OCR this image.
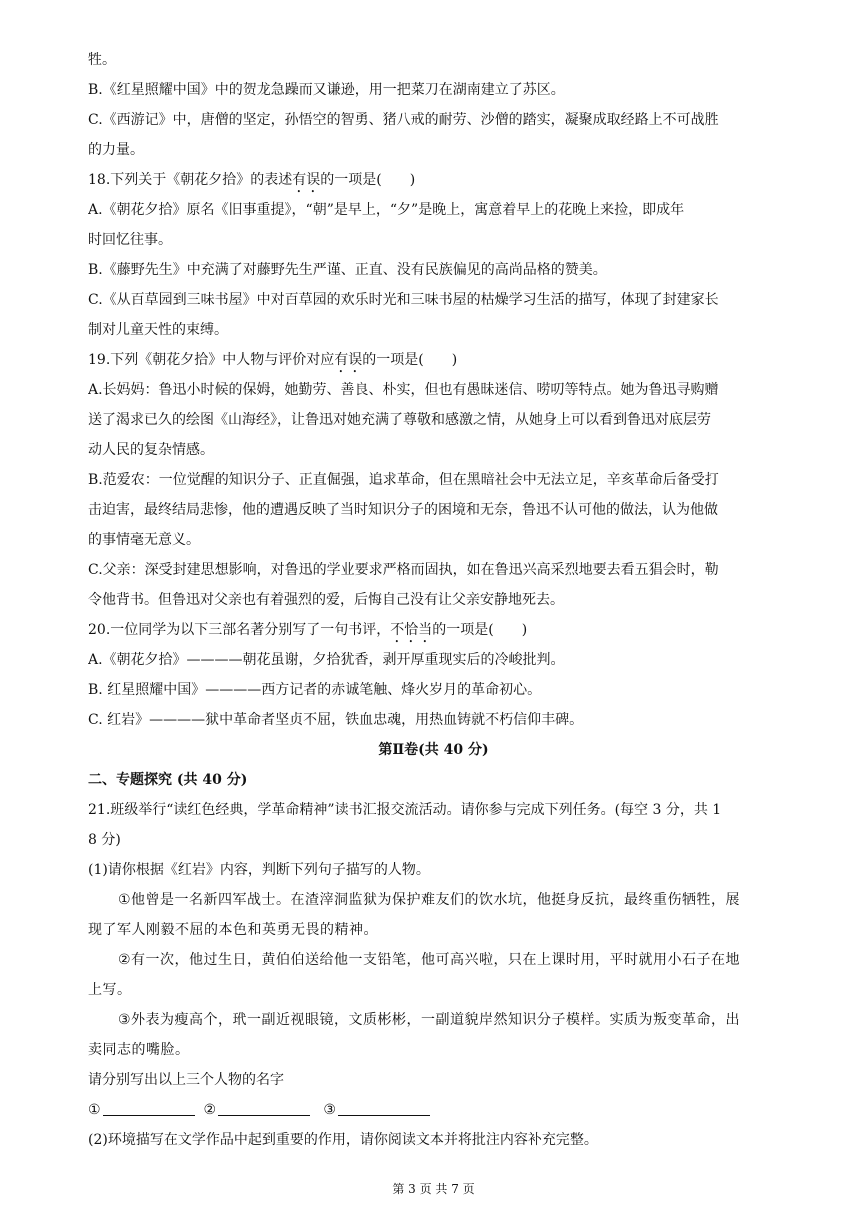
牲。
B.《红星照耀中国》中的贺龙急躁而又谦逊，用一把菜刀在湖南建立了苏区。
C.《西游记》中，唐僧的坚定，孙悟空的智勇、猪八戒的耐劳、沙僧的踏实，凝聚成取经路上不可战胜
的力量。
18.下列关于《朝花夕拾》的表述有误的一项是(　　)
A.《朝花夕拾》原名《旧事重提》，“朝”是早上，“夕”是晚上，寓意着早上的花晚上来捡，即成年
时回忆往事。
B.《藤野先生》中充满了对藤野先生严谨、正直、没有民族偏见的高尚品格的赞美。
C.《从百草园到三味书屋》中对百草园的欢乐时光和三味书屋的枯燥学习生活的描写，体现了封建家长
制对儿童天性的束缚。
19.下列《朝花夕拾》中人物与评价对应有误的一项是(　　)
A.长妈妈：鲁迅小时候的保姆，她勤劳、善良、朴实，但也有愚昧迷信、唠叨等特点。她为鲁迅寻购赠
送了渴求已久的绘图《山海经》，让鲁迅对她充满了尊敬和感激之情，从她身上可以看到鲁迅对底层劳
动人民的复杂情感。
B.范爱农：一位觉醒的知识分子、正直倔强，追求革命，但在黑暗社会中无法立足，辛亥革命后备受打
击迫害，最终结局悲惨，他的遭遇反映了当时知识分子的困境和无奈，鲁迅不认可他的做法，认为他做
的事情毫无意义。
C.父亲：深受封建思想影响，对鲁迅的学业要求严格而固执，如在鲁迅兴高采烈地要去看五猖会时，勒
令他背书。但鲁迅对父亲也有着强烈的爱，后悔自己没有让父亲安静地死去。
20.一位同学为以下三部名著分别写了一句书评，不恰当的一项是(　　)
A.《朝花夕拾》————朝花虽谢，夕拾犹香，剥开厚重现实后的冷峻批判。
B. 红星照耀中国》————西方记者的赤诚笔触、烽火岁月的革命初心。
C. 红岩》————狱中革命者坚贞不屈，铁血忠魂，用热血铸就不朽信仰丰碑。
第Ⅱ卷(共 40 分)
二、专题探究 (共 40 分)
21.班级举行“读红色经典，学革命精神”读书汇报交流活动。请你参与完成下列任务。(每空 3 分，共 1
8 分)
(1)请你根据《红岩》内容，判断下列句子描写的人物。
①他曾是一名新四军战士。在渣滓洞监狱为保护难友们的饮水坑，他挺身反抗，最终重伤牺牲，展
现了军人刚毅不屈的本色和英勇无畏的精神。
②有一次，他过生日，黄伯伯送给他一支铅笔，他可高兴啦，只在上课时用，平时就用小石子在地
上写。
③外表为瘦高个，玳一副近视眼镜，文质彬彬，一副道貌岸然知识分子模样。实质为叛变革命，出
卖同志的嘴脸。
请分别写出以上三个人物的名字
①	②	③
(2)环境描写在文学作品中起到重要的作用，请你阅读文本并将批注内容补充完整。
第 3 页 共 7 页
